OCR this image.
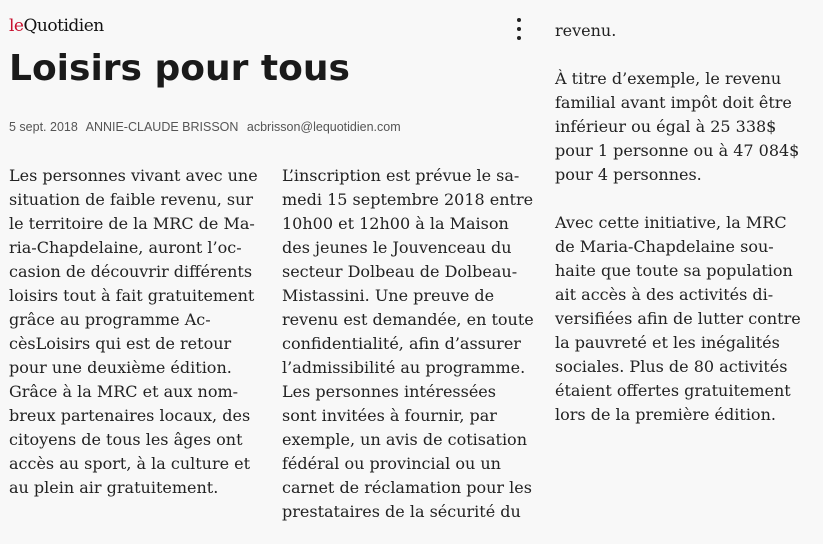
leQuotidien
Loisirs pour tous
5 sept. 2018 ANNIE-CLAUDE BRISSON acbrisson@lequotidien.com
Les personnes vivant avec une
situation de faible revenu, sur
le territoire de la MRC de Ma-
ria-Chapdelaine, auront l’oc-
casion de découvrir différents
loisirs tout à fait gratuitement
grâce au programme Ac-
cèsLoisirs qui est de retour
pour une deuxième édition.
Grâce à la MRC et aux nom-
breux partenaires locaux, des
citoyens de tous les âges ont
accès au sport, à la culture et
au plein air gratuitement.
L’inscription est prévue le sa-
medi 15 septembre 2018 entre
10h00 et 12h00 à la Maison
des jeunes le Jouvenceau du
secteur Dolbeau de Dolbeau-
Mistassini. Une preuve de
revenu est demandée, en toute
confidentialité, afin d’assurer
l’admissibilité au programme.
Les personnes intéressées
sont invitées à fournir, par
exemple, un avis de cotisation
fédéral ou provincial ou un
carnet de réclamation pour les
prestataires de la sécurité du
revenu.
À titre d’exemple, le revenu
familial avant impôt doit être
inférieur ou égal à 25 338$
pour 1 personne ou à 47 084$
pour 4 personnes.
Avec cette initiative, la MRC
de Maria-Chapdelaine sou-
haite que toute sa population
ait accès à des activités di-
versifiées afin de lutter contre
la pauvreté et les inégalités
sociales. Plus de 80 activités
étaient offertes gratuitement
lors de la première édition.
